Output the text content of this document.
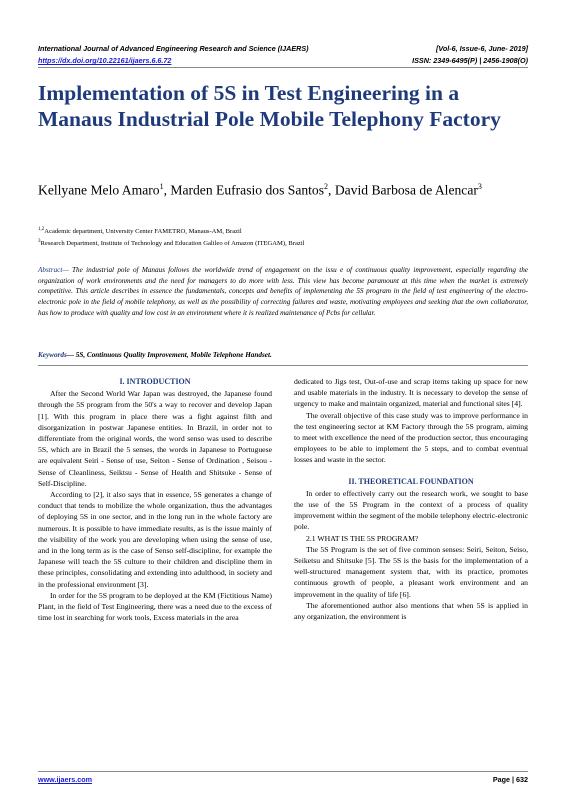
International Journal of Advanced Engineering Research and Science (IJAERS)
https://dx.doi.org/10.22161/ijaers.6.6.72
[Vol-6, Issue-6, June- 2019]
ISSN: 2349-6495(P) | 2456-1908(O)
Implementation of 5S in Test Engineering in a Manaus Industrial Pole Mobile Telephony Factory
Kellyane Melo Amaro$^1$, Marden Eufrasio dos Santos$^2$, David Barbosa de Alencar$^3$
$^{1,2}$Academic department, University Center FAMETRO, Manaus-AM, Brazil
$^3$Research Department, Institute of Technology and Education Galileo of Amazon (ITEGAM), Brazil
Abstract— The industrial pole of Manaus follows the worldwide trend of engagement on the issu e of continuous quality improvement, especially regarding the organization of work environments and the need for managers to do more with less. This view has become paramount at this time when the market is extremely competitive. This article describes in essence the fundamentals, concepts and benefits of implementing the 5S program in the field of test engineering of the electro-electronic pole in the field of mobile telephony, as well as the possibility of correcting failures and waste, motivating employees and seeking that the own collaborator, has how to produce with quality and low cost in an environment where it is realized maintenance of Pcbs for cellular.
Keywords— 5S, Continuous Quality Improvement, Mobile Telephone Handset.
I. INTRODUCTION

After the Second World War Japan was destroyed, the Japanese found through the 5S program from the 50's a way to recover and develop Japan [1]. With this program in place there was a fight against filth and disorganization in postwar Japanese entities. In Brazil, in order not to differentiate from the original words, the word senso was used to describe 5S, which are in Brazil the 5 senses, the words in Japanese to Portuguese are equivalent Seiri - Sense of use, Seiton - Sense of Ordination , Seisou - Sense of Cleanliness, Seiktsu - Sense of Health and Shitsuke - Sense of Self-Discipline.

According to [2], it also says that in essence, 5S generates a change of conduct that tends to mobilize the whole organization, thus the advantages of deploying 5S in one sector, and in the long run in the whole factory are numerous. It is possible to have immediate results, as is the issue mainly of the visibility of the work you are developing when using the sense of use, and in the long term as is the case of Senso self-discipline, for example the Japanese will teach the 5S culture to their children and discipline them in these principles, consolidating and extending into adulthood, in society and in the professional environment [3].

In order for the 5S program to be deployed at the KM (Fictitious Name) Plant, in the field of Test Engineering, there was a need due to the excess of time lost in searching for work tools, Excess materials in the area

dedicated to Jigs test, Out-of-use and scrap items taking up space for new and usable materials in the industry. It is necessary to develop the sense of urgency to make and maintain organized, material and functional sites [4].

The overall objective of this case study was to improve performance in the test engineering sector at KM Factory through the 5S program, aiming to meet with excellence the need of the production sector, thus encouraging employees to be able to implement the 5 steps, and to combat eventual losses and waste in the sector.

II. THEORETICAL FOUNDATION

In order to effectively carry out the research work, we sought to base the use of the 5S Program in the context of a process of quality improvement within the segment of the mobile telephony electric-electronic pole.

2.1 WHAT IS THE 5S PROGRAM?

The 5S Program is the set of five common senses: Seiri, Seiton, Seiso, Seiketsu and Shitsuke [5]. The 5S is the basis for the implementation of a well-structured management system that, with its practice, promotes continuous growth of people, a pleasant work environment and an improvement in the quality of life [6].

The aforementioned author also mentions that when 5S is applied in any organization, the environment is

www.ijaers.com	Page | 632
